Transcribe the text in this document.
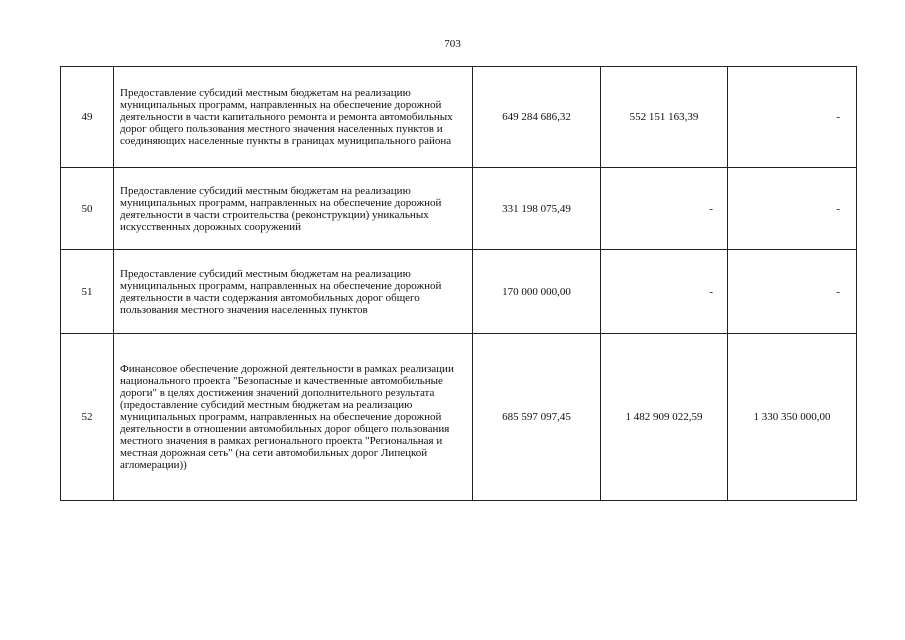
703
49	Предоставление субсидий местным бюджетам на реализацию муниципальных программ, направленных на обеспечение дорожной деятельности в части капитального ремонта и ремонта автомобильных дорог общего пользования местного значения населенных пунктов и соединяющих населенные пункты в границах муниципального района	649 284 686,32	552 151 163,39	-
50	Предоставление субсидий местным бюджетам на реализацию муниципальных программ, направленных на обеспечение дорожной деятельности в части строительства (реконструкции) уникальных искусственных дорожных сооружений	331 198 075,49	-	-
51	Предоставление субсидий местным бюджетам на реализацию муниципальных программ, направленных на обеспечение дорожной деятельности в части содержания автомобильных дорог общего пользования местного значения населенных пунктов	170 000 000,00	-	-
52	Финансовое обеспечение дорожной деятельности в рамках реализации национального проекта "Безопасные и качественные автомобильные дороги" в целях достижения значений дополнительного результата (предоставление субсидий местным бюджетам на реализацию муниципальных программ, направленных на обеспечение дорожной деятельности в отношении автомобильных дорог общего пользования местного значения в рамках регионального проекта "Региональная и местная дорожная сеть" (на сети автомобильных дорог Липецкой агломерации))	685 597 097,45	1 482 909 022,59	1 330 350 000,00
